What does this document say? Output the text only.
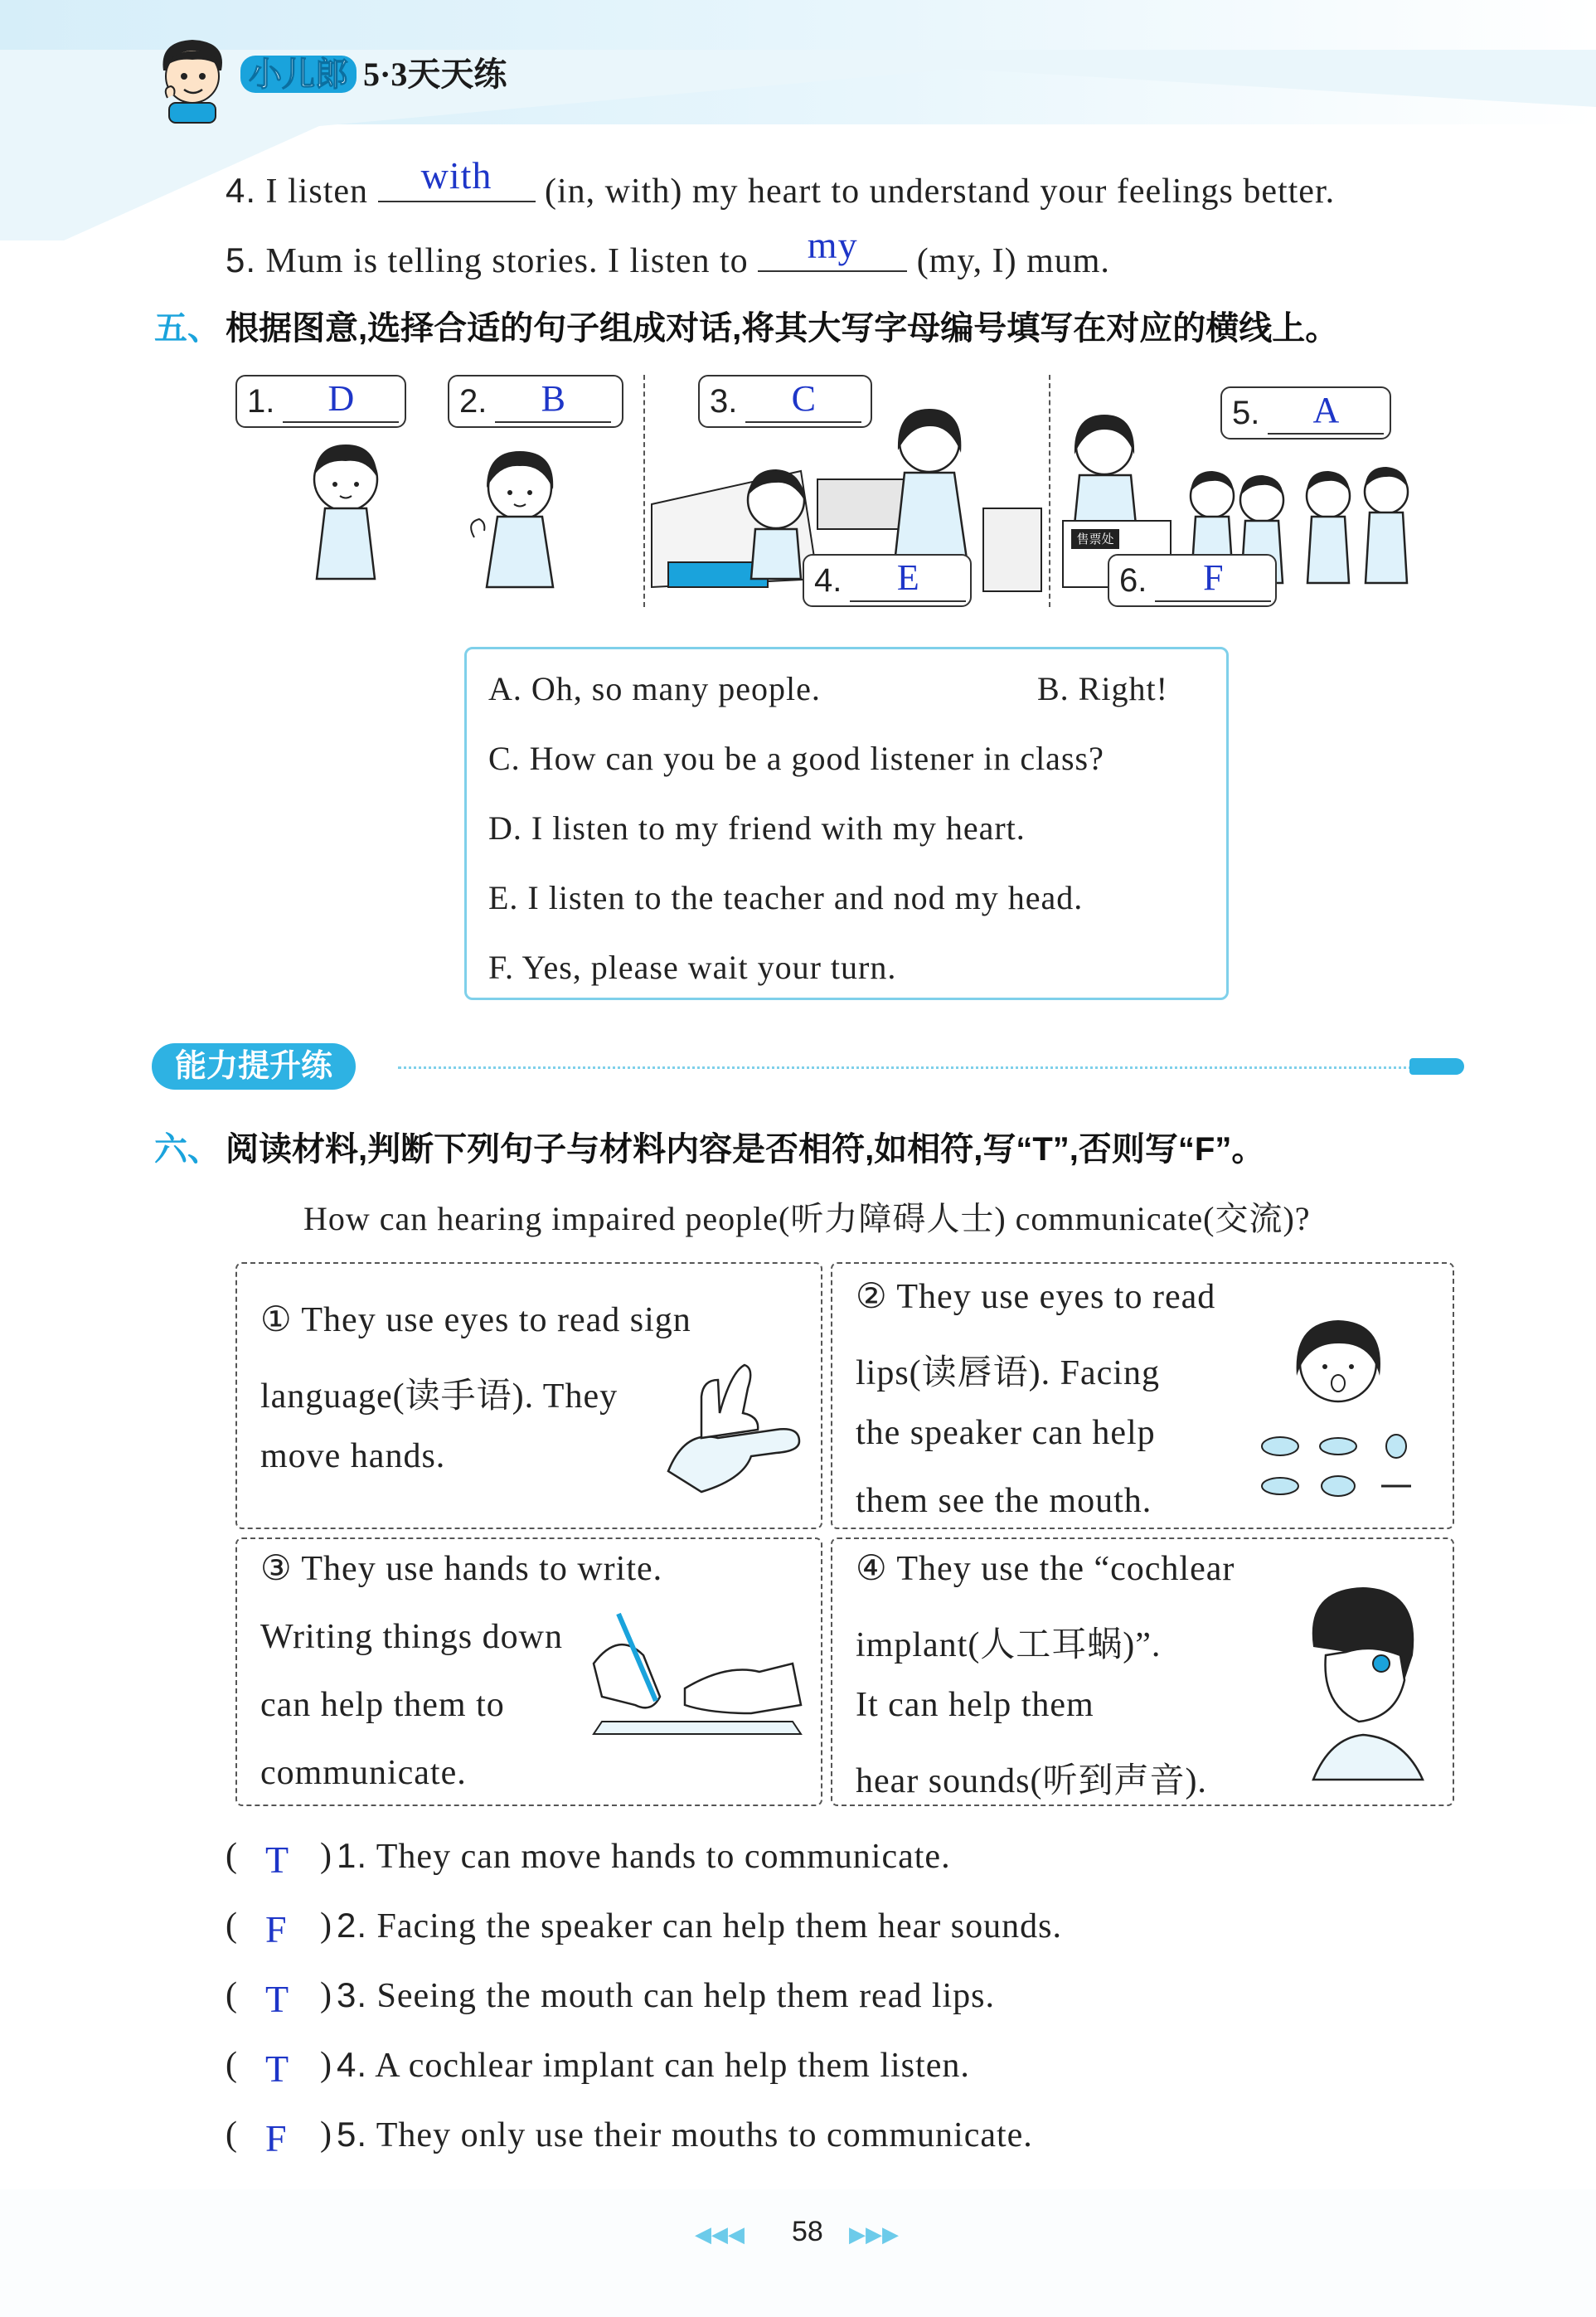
小儿郎 5·3天天练
4. I listen	with	(in, with) my heart to understand your feelings better.
5. Mum is telling stories. I listen to	my	(my, I) mum.
五、 根据图意,选择合适的句子组成对话,将其大写字母编号填写在对应的横线上。
1.	D	2.	B	3.	C
4.	E
售票处
5.	A
6.	F
A. Oh, so many people.	B. Right!
C. How can you be a good listener in class?
D. I listen to my friend with my heart.
E. I listen to the teacher and nod my head.
F. Yes, please wait your turn.
能力提升练
六、 阅读材料,判断下列句子与材料内容是否相符,如相符,写“T”,否则写“F”。
How can hearing impaired people(听力障碍人士) communicate(交流)?
① They use eyes to read sign
language(读手语). They
move hands.
② They use eyes to read
lips(读唇语). Facing
the speaker can help
them see the mouth.
③ They use hands to write.
Writing things down
can help them to
communicate.
④ They use the “cochlear
implant(人工耳蜗)”.
It can help them
hear sounds(听到声音).
( T ) 1. They can move hands to communicate.
( F ) 2. Facing the speaker can help them hear sounds.
( T ) 3. Seeing the mouth can help them read lips.
( T ) 4. A cochlear implant can help them listen.
( F ) 5. They only use their mouths to communicate.
◀◀◀ 58 ▶▶▶
